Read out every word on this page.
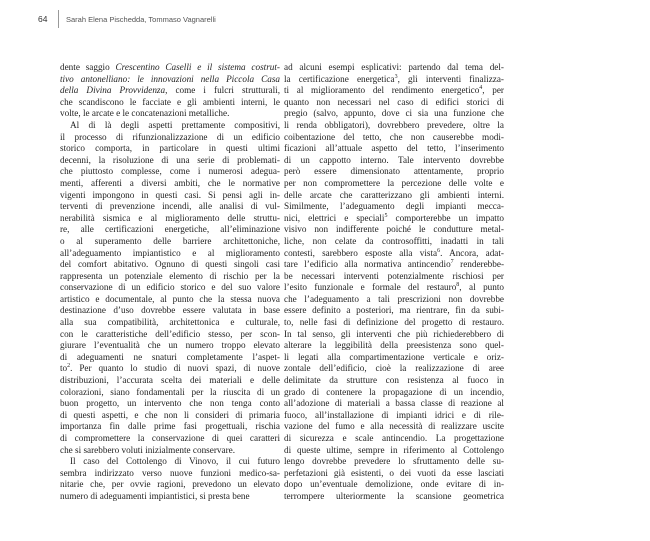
64 Sarah Elena Pischedda, Tommaso Vagnarelli
dente saggio Crescentino Caselli e il sistema costrut-
tivo antonelliano: le innovazioni nella Piccola Casa
della Divina Provvidenza, come i fulcri strutturali,
che scandiscono le facciate e gli ambienti interni, le
volte, le arcate e le concatenazioni metalliche.
Al di là degli aspetti prettamente compositivi,
il processo di rifunzionalizzazione di un edificio
storico comporta, in particolare in questi ultimi
decenni, la risoluzione di una serie di problemati-
che piuttosto complesse, come i numerosi adegua-
menti, afferenti a diversi ambiti, che le normative
vigenti impongono in questi casi. Si pensi agli in-
terventi di prevenzione incendi, alle analisi di vul-
nerabilità sismica e al miglioramento delle struttu-
re, alle certificazioni energetiche, all’eliminazione
o al superamento delle barriere architettoniche,
all’adeguamento impiantistico e al miglioramento
del comfort abitativo. Ognuno di questi singoli casi
rappresenta un potenziale elemento di rischio per la
conservazione di un edificio storico e del suo valore
artistico e documentale, al punto che la stessa nuova
destinazione d’uso dovrebbe essere valutata in base
alla sua compatibilità, architettonica e culturale,
con le caratteristiche dell’edificio stesso, per scon-
giurare l’eventualità che un numero troppo elevato
di adeguamenti ne snaturi completamente l’aspet-
$to^2$. Per quanto lo studio di nuovi spazi, di nuove
distribuzioni, l’accurata scelta dei materiali e delle
colorazioni, siano fondamentali per la riuscita di un
buon progetto, un intervento che non tenga conto
di questi aspetti, e che non li consideri di primaria
importanza fin dalle prime fasi progettuali, rischia
di compromettere la conservazione di quei caratteri
che si sarebbero voluti inizialmente conservare.
Il caso del Cottolengo di Vinovo, il cui futuro
sembra indirizzato verso nuove funzioni medico-sa-
nitarie che, per ovvie ragioni, prevedono un elevato
numero di adeguamenti impiantistici, si presta bene
ad alcuni esempi esplicativi: partendo dal tema del-
la certificazione energetica$^3$, gli interventi finalizza-
ti al miglioramento del rendimento energetico$^4$, per
quanto non necessari nel caso di edifici storici di
pregio (salvo, appunto, dove ci sia una funzione che
li renda obbligatori), dovrebbero prevedere, oltre la
coibentazione del tetto, che non causerebbe modi-
ficazioni all’attuale aspetto del tetto, l’inserimento
di un cappotto interno. Tale intervento dovrebbe
però essere dimensionato attentamente, proprio
per non compromettere la percezione delle volte e
delle arcate che caratterizzano gli ambienti interni.
Similmente, l’adeguamento degli impianti mecca-
nici, elettrici e speciali$^5$ comporterebbe un impatto
visivo non indifferente poiché le condutture metal-
liche, non celate da controsoffitti, inadatti in tali
contesti, sarebbero esposte alla vista$^6$. Ancora, adat-
tare l’edificio alla normativa antincendio$^7$ renderebbe-
be necessari interventi potenzialmente rischiosi per
l’esito funzionale e formale del restauro$^8$, al punto
che l’adeguamento a tali prescrizioni non dovrebbe
essere definito a posteriori, ma rientrare, fin da subi-
to, nelle fasi di definizione del progetto di restauro.
In tal senso, gli interventi che più richiederebbero di
alterare la leggibilità della preesistenza sono quel-
li legati alla compartimentazione verticale e oriz-
zontale dell’edificio, cioè la realizzazione di aree
delimitate da strutture con resistenza al fuoco in
grado di contenere la propagazione di un incendio,
all’adozione di materiali a bassa classe di reazione al
fuoco, all’installazione di impianti idrici e di rile-
vazione del fumo e alla necessità di realizzare uscite
di sicurezza e scale antincendio. La progettazione
di queste ultime, sempre in riferimento al Cottolengo
lengo dovrebbe prevedere lo sfruttamento delle su-
perfetazioni già esistenti, o dei vuoti da esse lasciati
dopo un’eventuale demolizione, onde evitare di in-
terrompere ulteriormente la scansione geometrica
